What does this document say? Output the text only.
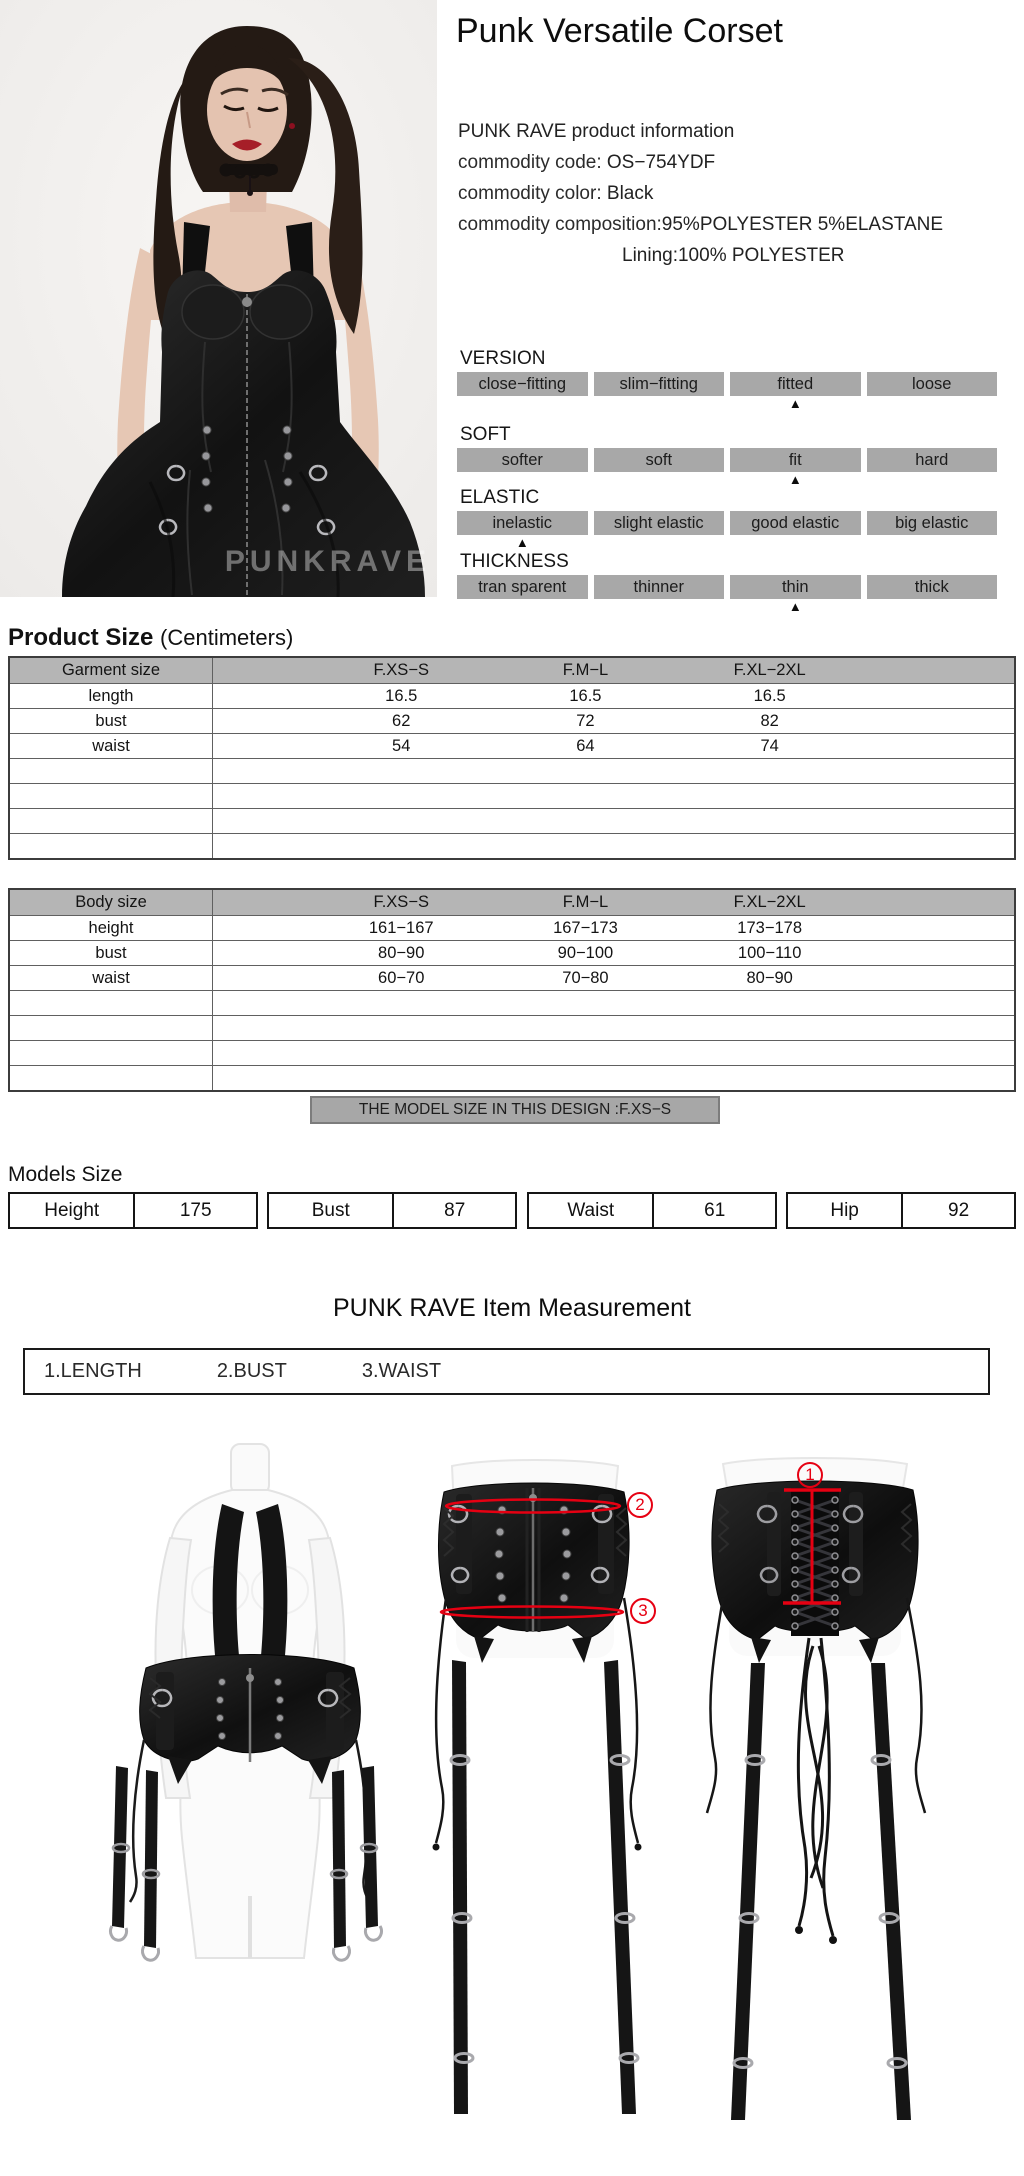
PUNKRAVE
Punk Versatile Corset
PUNK RAVE product information
commodity code: OS−754YDF
commodity color: Black
commodity composition:95%POLYESTER 5%ELASTANE
Lining:100% POLYESTER
VERSION
close−fitting	slim−fitting	fitted	loose
▲
SOFT
softer	soft	fit	hard
▲
ELASTIC
inelastic	slight elastic	good elastic	big elastic
▲
THICKNESS
tran sparent	thinner	thin	thick
▲
Product Size (Centimeters)
Garment size	F.XS−S	F.M−L	F.XL−2XL
length	16.5	16.5	16.5
bust	62	72	82
waist	54	64	74
Body size	F.XS−S	F.M−L	F.XL−2XL
height	161−167	167−173	173−178
bust	80−90	90−100	100−110
waist	60−70	70−80	80−90
THE MODEL SIZE IN THIS DESIGN :F.XS−S
Models Size
Height	175	Bust	87	Waist	61	Hip	92
PUNK RAVE Item Measurement
1.LENGTH	2.BUST	3.WAIST
1
2
3
